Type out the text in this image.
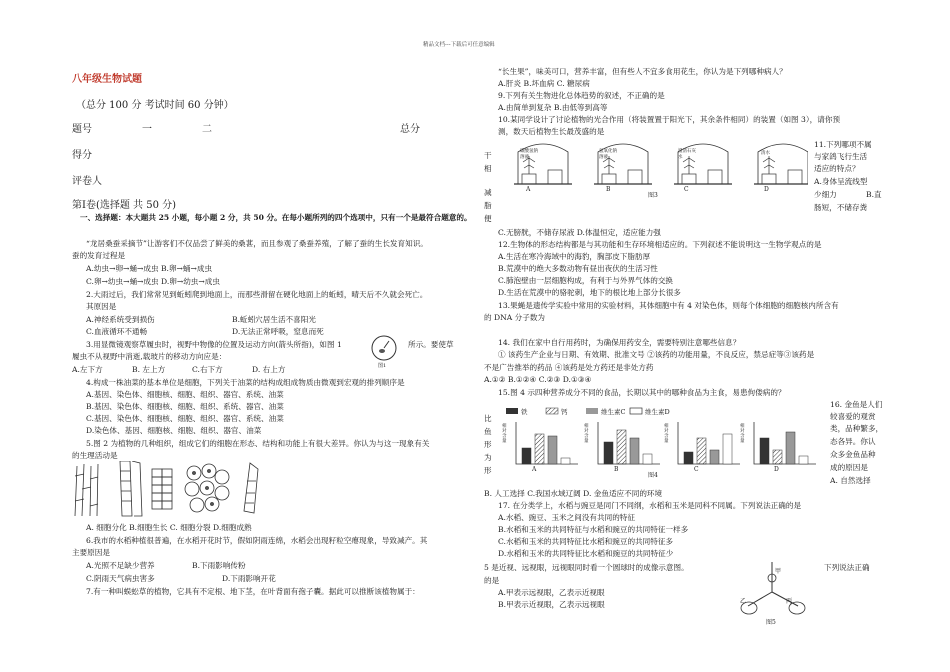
精品文档---下载后可任意编辑
八年级生物试题
（总分 100 分 考试时间 60 分钟）
题号	一	二	总分
得分
评卷人
第Ⅰ卷(选择题 共 50 分)
一、选择题：本大题共 25 小题，每小题 2 分，共 50 分。在每小题所列的四个选项中，只有一个是最符合题意的。
“龙居桑蚕采摘节”让游客们不仅品尝了鲜美的桑葚，而且参观了桑蚕养殖，了解了蚕的生长发育知识。
蚕的发育过程是
A.幼虫→卵→蛹→成虫 B.卵→蛹→成虫
C.卵→幼虫→蛹→成虫 D.卵→幼虫→成虫
2.大雨过后，我们常常见到蚯蚓爬到地面上，而那些滑留在硬化地面上的蚯蚓，晴天后不久就会死亡。
其原因是
A.神经系统受到损伤	B.蚯蚓穴居生活不喜阳光
C.血液循环不通畅	D.无法正常呼吸，窒息而死
3.用显微镜观察草履虫时，视野中物像的位置及运动方向(箭头所指)，如图 1
图1
所示。要使草
履虫不从视野中消逝,载玻片的移动方向应是：
A.左下方	B. 左上方	C.右下方	D. 右上方
4.构成一株油菜的基本单位是细胞，下列关于油菜的结构成组成物质由微观到宏观的排列顺序是
A.基因、染色体、细胞核、细胞、组织、器官、系统、油菜
B.基因、染色体、细胞核、细胞、组织、系统、器官、油菜
C.基因、染色体、细胞核、细胞、组织、器官、系统、油菜
D.染色体、基因、细胞核、细胞、组织、器官、油菜
5.图 2 为植物的几种组织，组成它们的细胞在形态、结构和功能上有很大差异。你认为与这一现象有关
的生理活动是
A. 细胞分化 B.细胞生长 C. 细胞分裂 D.细胞成熟
6.我市的水稻种植很普遍，在水稻开花时节，假如阴雨连绵，水稻会出现籽粒空瘪现象，导致减产。其
主要原因是
A.光照不足缺少营养	B.下雨影响传粉
C.阴雨天气病虫害多	D.下雨影响开花
7.有一种叫蜈蚣草的植物，它具有不定根、地下茎，在叶背面有孢子囊。据此可以推断该植物属于：
“长生果”，味美可口，营养丰富，但有些人不宜多食用花生，你认为是下列哪种病人？
A.肝炎 B.坏血病 C. 糖尿病
9.下列有关生物进化总体趋势的叙述，不正确的是
A.由简单到复杂 B.由低等到高等
10.某同学设计了讨论植物的光合作用（将装置置于阳光下，其余条件相同）的装置（如图 3），请你预
测，数天后植物生长最茂盛的是
干
相
减
脂
便
碳酸氢钠溶液
氢氧化钠溶液
澄清石灰水
清水
A	B	C	D
图3
11.下列哪项不属
与家鸽飞行生活
适应的特点？
A.身体呈流线型
少细力	B.直
肠短，不储存粪
C.无膀胱，不储存尿液 D.体温恒定，适应能力强
12.生物体的形态结构都是与其功能和生存环境相适应的。下列叙述不能说明这一生物学观点的是
A.生活在寒冷海域中的海豹，胸部皮下脂肪厚
B.荒漠中的绝大多数动物有昼出夜伏的生活习性
C.肺泡壁由一层细胞构成，有利于与外界气体的交换
D.生活在荒漠中的骆驼刺，地下的根比地上部分长很多
13.果蝇是遗传学实验中常用的实验材料，其体细胞中有 4 对染色体，则每个体细胞的细胞核内所含有
的 DNA 分子数为
14. 我们在家中自行用药时，为确保用药安全，需要特别注意哪些信息？
① 该药生产企业与日期、有效期、批准文号 ②该药的功能用量，不良反应，禁忌症等③该药是
不是广告推举的药品 ④该药是处方药还是非处方药
A.①② B.①②④ C.②③ D.①③④
15.图 4 示四种营养成分不同的食品，长期以其中的哪种食品为主食，易患佝偻病的？
比
鱼
形
为
形
铁	钙	维生素C	维生素D
相对含量
相对含量
相对含量
相对含量
A	B	C	D
图4
16. 金鱼是人们
较喜爱的观赏
类，品种繁多，
态各异。你认
众多金鱼品种
成的原因是
A. 自然选择
B. 人工选择 C.我国水域辽阔 D. 金鱼适应不同的环境
17. 在分类学上，水稻与豌豆是同门不同纲，水稻和玉米是同科不同属。下列说法正确的是
A.水稻、豌豆、玉米之间没有共同的特征
B.水稻和玉米的共同特征与水稻和豌豆的共同特征一样多
C.水稻和玉米的共同特征比水稻和豌豆的共同特征多
D.水稻和玉米的共同特征比水稻和豌豆的共同特征少
5 是近视、远视眼，远视眼同时看一个圆球时的成像示意图。	下列说法正确
的是
A.甲表示远视眼，乙表示近视眼
B.甲表示近视眼，乙表示远视眼
甲
乙	丙
图5
